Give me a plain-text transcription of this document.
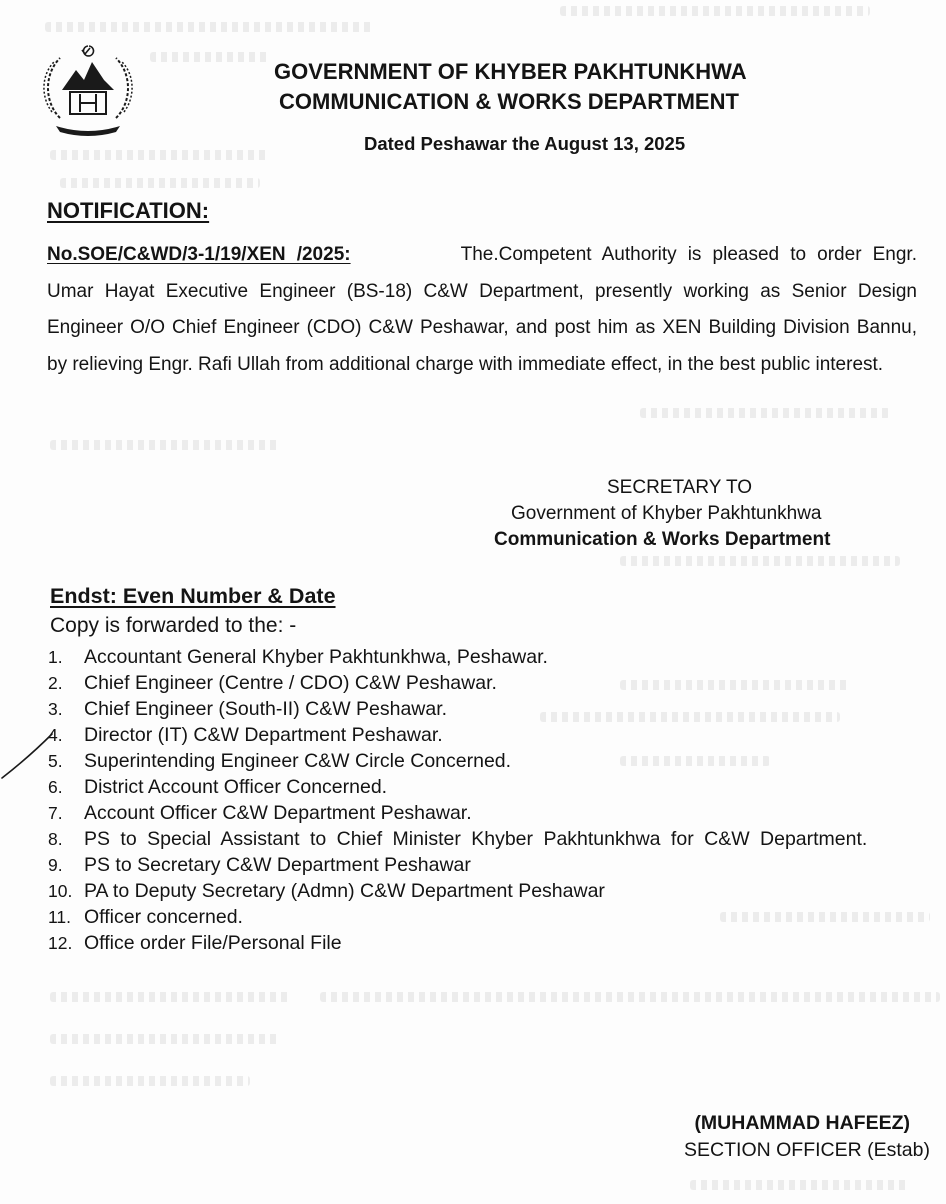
GOVERNMENT OF KHYBER PAKHTUNKHWA
COMMUNICATION & WORKS DEPARTMENT
Dated Peshawar the August 13, 2025
NOTIFICATION:
No.SOE/C&WD/3-1/19/XEN /2025:	The.Competent Authority is pleased to order Engr. Umar Hayat Executive Engineer (BS-18) C&W Department, presently working as Senior Design Engineer O/O Chief Engineer (CDO) C&W Peshawar, and post him as XEN Building Division Bannu, by relieving Engr. Rafi Ullah from additional charge with immediate effect, in the best public interest.
SECRETARY TO
Government of Khyber Pakhtunkhwa
Communication & Works Department
Endst: Even Number & Date
Copy is forwarded to the: -
1.	Accountant General Khyber Pakhtunkhwa, Peshawar.
2.	Chief Engineer (Centre / CDO) C&W Peshawar.
3.	Chief Engineer (South-II) C&W Peshawar.
4.	Director (IT) C&W Department Peshawar.
5.	Superintending Engineer C&W Circle Concerned.
6.	District Account Officer Concerned.
7.	Account Officer C&W Department Peshawar.
8.	PS to Special Assistant to Chief Minister Khyber Pakhtunkhwa for C&W Department.
9.	PS to Secretary C&W Department Peshawar
10. PA to Deputy Secretary (Admn) C&W Department Peshawar
11. Officer concerned.
12. Office order File/Personal File
(MUHAMMAD HAFEEZ)
SECTION OFFICER (Estab)
